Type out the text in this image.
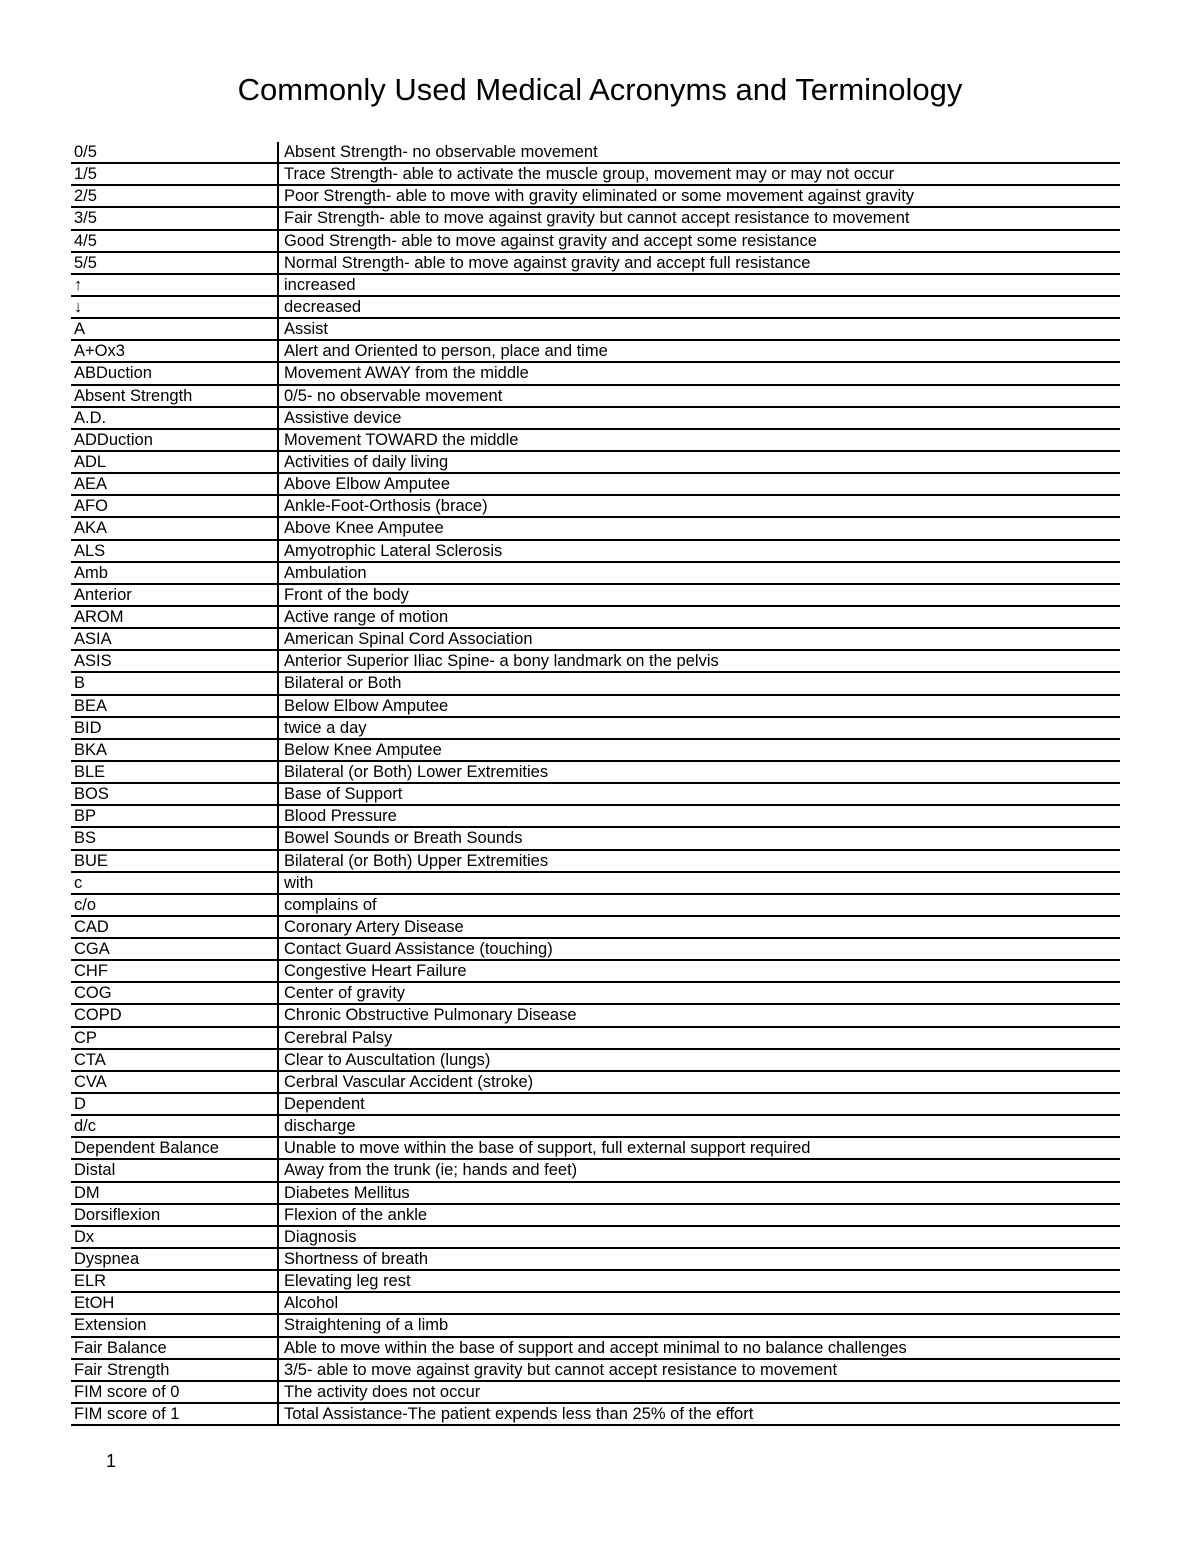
Commonly Used Medical Acronyms and Terminology
0/5	Absent Strength- no observable movement
1/5	Trace Strength- able to activate the muscle group, movement may or may not occur
2/5	Poor Strength- able to move with gravity eliminated or some movement against gravity
3/5	Fair Strength- able to move against gravity but cannot accept resistance to movement
4/5	Good Strength- able to move against gravity and accept some resistance
5/5	Normal Strength- able to move against gravity and accept full resistance
↑	increased
↓	decreased
A	Assist
A+Ox3	Alert and Oriented to person, place and time
ABDuction	Movement AWAY from the middle
Absent Strength	0/5- no observable movement
A.D.	Assistive device
ADDuction	Movement TOWARD the middle
ADL	Activities of daily living
AEA	Above Elbow Amputee
AFO	Ankle-Foot-Orthosis (brace)
AKA	Above Knee Amputee
ALS	Amyotrophic Lateral Sclerosis
Amb	Ambulation
Anterior	Front of the body
AROM	Active range of motion
ASIA	American Spinal Cord Association
ASIS	Anterior Superior Iliac Spine- a bony landmark on the pelvis
B	Bilateral or Both
BEA	Below Elbow Amputee
BID	twice a day
BKA	Below Knee Amputee
BLE	Bilateral (or Both) Lower Extremities
BOS	Base of Support
BP	Blood Pressure
BS	Bowel Sounds or Breath Sounds
BUE	Bilateral (or Both) Upper Extremities
c	with
c/o	complains of
CAD	Coronary Artery Disease
CGA	Contact Guard Assistance (touching)
CHF	Congestive Heart Failure
COG	Center of gravity
COPD	Chronic Obstructive Pulmonary Disease
CP	Cerebral Palsy
CTA	Clear to Auscultation (lungs)
CVA	Cerbral Vascular Accident (stroke)
D	Dependent
d/c	discharge
Dependent Balance	Unable to move within the base of support, full external support required
Distal	Away from the trunk (ie; hands and feet)
DM	Diabetes Mellitus
Dorsiflexion	Flexion of the ankle
Dx	Diagnosis
Dyspnea	Shortness of breath
ELR	Elevating leg rest
EtOH	Alcohol
Extension	Straightening of a limb
Fair Balance	Able to move within the base of support and accept minimal to no balance challenges
Fair Strength	3/5- able to move against gravity but cannot accept resistance to movement
FIM score of 0	The activity does not occur
FIM score of 1	Total Assistance-The patient expends less than 25% of the effort
1
